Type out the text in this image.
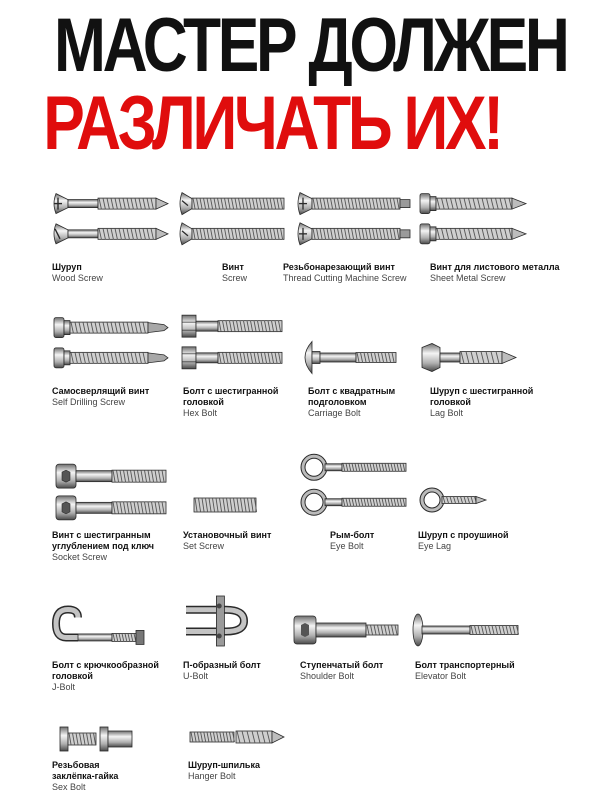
МАСТЕР ДОЛЖЕН
РАЗЛИЧАТЬ ИХ!
Шуруп
Wood Screw
Винт
Screw
Резьбонарезающий винт
Thread Cutting Machine Screw
Винт для листового металла
Sheet Metal Screw
Самосверлящий винт
Self Drilling Screw
Болт с шестигранной
головкой
Hex Bolt
Болт с квадратным
подголовком
Carriage Bolt
Шуруп с шестигранной
головкой
Lag Bolt
Винт с шестигранным
углублением под ключ
Socket Screw
Установочный винт
Set Screw
Рым-болт
Eye Bolt
Шуруп с проушиной
Eye Lag
Болт с крючкообразной
головкой
J-Bolt
П-образный болт
U-Bolt
Ступенчатый болт
Shoulder Bolt
Болт транспортерный
Elevator Bolt
Резьбовая
заклёпка-гайка
Sex Bolt
Шуруп-шпилька
Hanger Bolt
